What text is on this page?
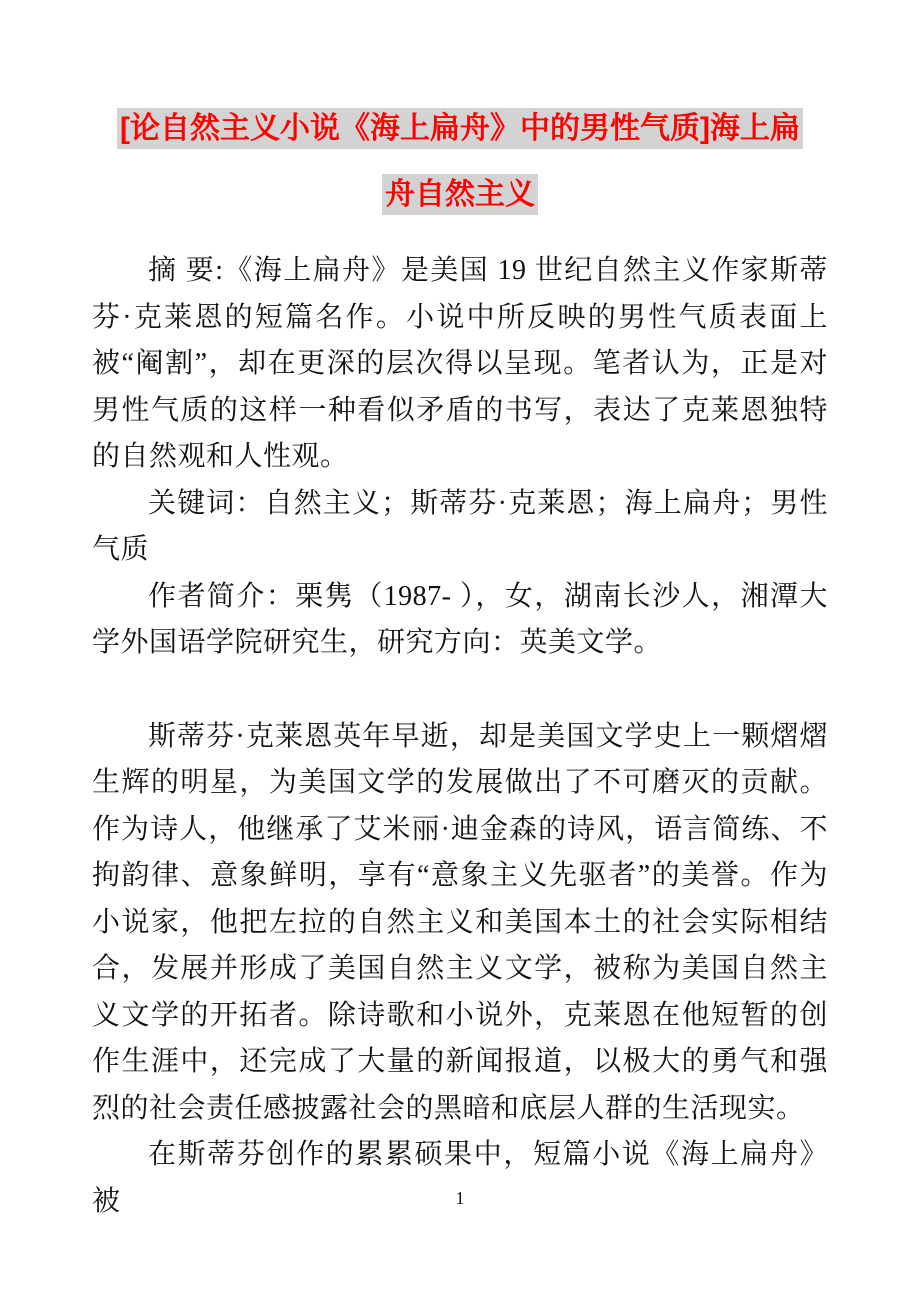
[论自然主义小说《海上扁舟》中的男性气质]海上扁
舟自然主义

摘 要:《海上扁舟》是美国 19 世纪自然主义作家斯蒂芬·克莱恩的短篇名作。小说中所反映的男性气质表面上被“阉割”，却在更深的层次得以呈现。笔者认为，正是对男性气质的这样一种看似矛盾的书写，表达了克莱恩独特的自然观和人性观。

关键词：自然主义；斯蒂芬·克莱恩；海上扁舟；男性气质

作者简介：栗隽（1987- ），女，湖南长沙人，湘潭大学外国语学院研究生，研究方向：英美文学。

斯蒂芬·克莱恩英年早逝，却是美国文学史上一颗熠熠生辉的明星，为美国文学的发展做出了不可磨灭的贡献。作为诗人，他继承了艾米丽·迪金森的诗风，语言简练、不拘韵律、意象鲜明，享有“意象主义先驱者”的美誉。作为小说家，他把左拉的自然主义和美国本土的社会实际相结合，发展并形成了美国自然主义文学，被称为美国自然主义文学的开拓者。除诗歌和小说外，克莱恩在他短暂的创作生涯中，还完成了大量的新闻报道，以极大的勇气和强烈的社会责任感披露社会的黑暗和底层人群的生活现实。

在斯蒂芬创作的累累硕果中，短篇小说《海上扁舟》被	1
